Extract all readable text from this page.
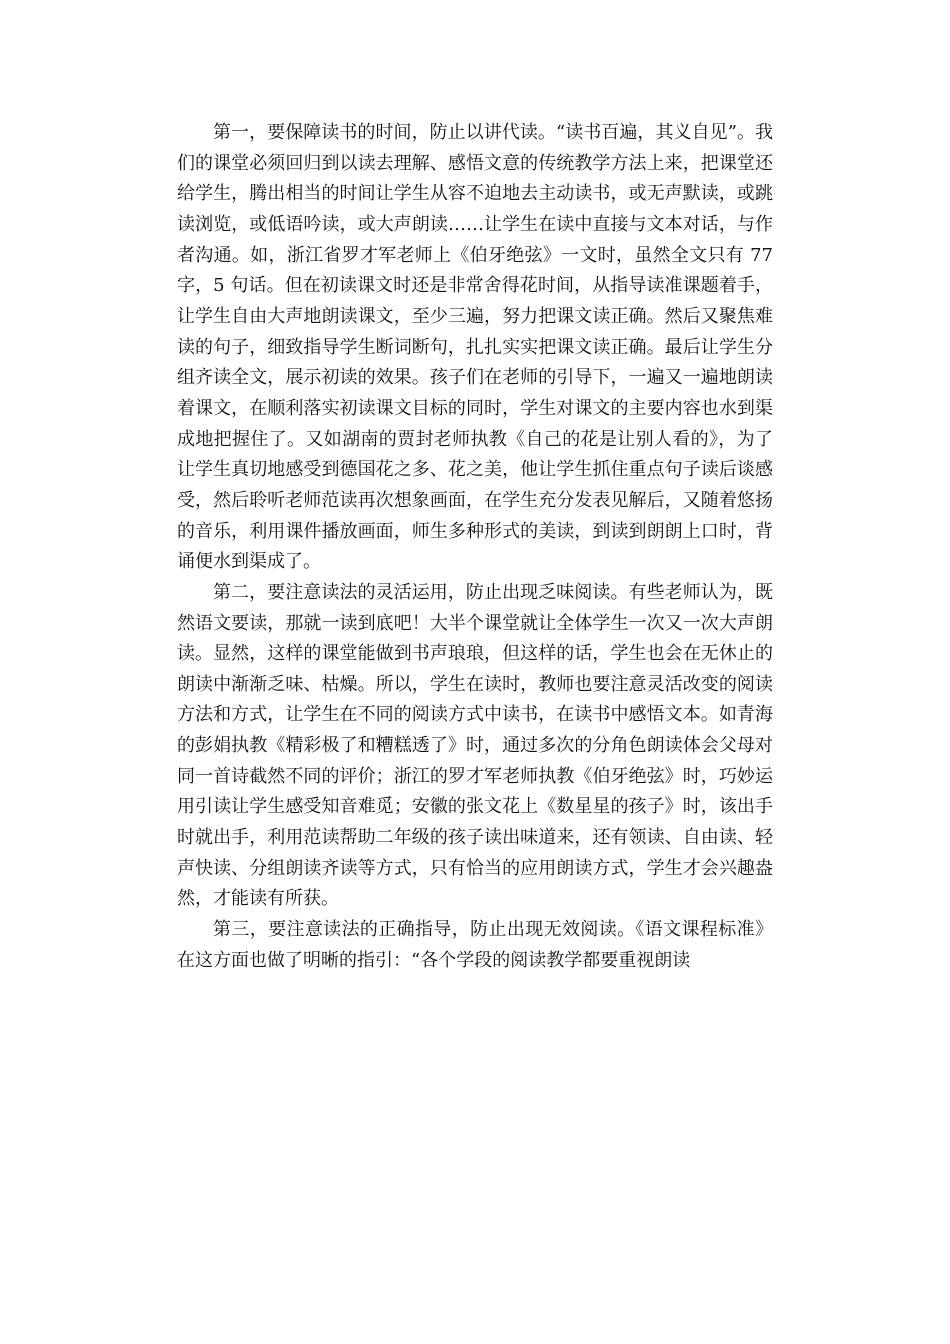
第一，要保障读书的时间，防止以讲代读。“读书百遍，其义自见”。我们的课堂必须回归到以读去理解、感悟文意的传统教学方法上来，把课堂还给学生，腾出相当的时间让学生从容不迫地去主动读书，或无声默读，或跳读浏览，或低语吟读，或大声朗读……让学生在读中直接与文本对话，与作者沟通。如，浙江省罗才军老师上《伯牙绝弦》一文时，虽然全文只有 77 字，5 句话。但在初读课文时还是非常舍得花时间，从指导读准课题着手，让学生自由大声地朗读课文，至少三遍，努力把课文读正确。然后又聚焦难读的句子，细致指导学生断词断句，扎扎实实把课文读正确。最后让学生分组齐读全文，展示初读的效果。孩子们在老师的引导下，一遍又一遍地朗读着课文，在顺利落实初读课文目标的同时，学生对课文的主要内容也水到渠成地把握住了。又如湖南的贾封老师执教《自己的花是让别人看的》，为了让学生真切地感受到德国花之多、花之美，他让学生抓住重点句子读后谈感受，然后聆听老师范读再次想象画面，在学生充分发表见解后，又随着悠扬的音乐，利用课件播放画面，师生多种形式的美读，到读到朗朗上口时，背诵便水到渠成了。

第二，要注意读法的灵活运用，防止出现乏味阅读。有些老师认为，既然语文要读，那就一读到底吧！大半个课堂就让全体学生一次又一次大声朗读。显然，这样的课堂能做到书声琅琅，但这样的话，学生也会在无休止的朗读中渐渐乏味、枯燥。所以，学生在读时，教师也要注意灵活改变的阅读方法和方式，让学生在不同的阅读方式中读书，在读书中感悟文本。如青海的彭娟执教《精彩极了和糟糕透了》时，通过多次的分角色朗读体会父母对同一首诗截然不同的评价；浙江的罗才军老师执教《伯牙绝弦》时，巧妙运用引读让学生感受知音难觅；安徽的张文花上《数星星的孩子》时，该出手时就出手，利用范读帮助二年级的孩子读出味道来，还有领读、自由读、轻声快读、分组朗读齐读等方式，只有恰当的应用朗读方式，学生才会兴趣盎然，才能读有所获。

第三，要注意读法的正确指导，防止出现无效阅读。《语文课程标准》在这方面也做了明晰的指引：“各个学段的阅读教学都要重视朗读
